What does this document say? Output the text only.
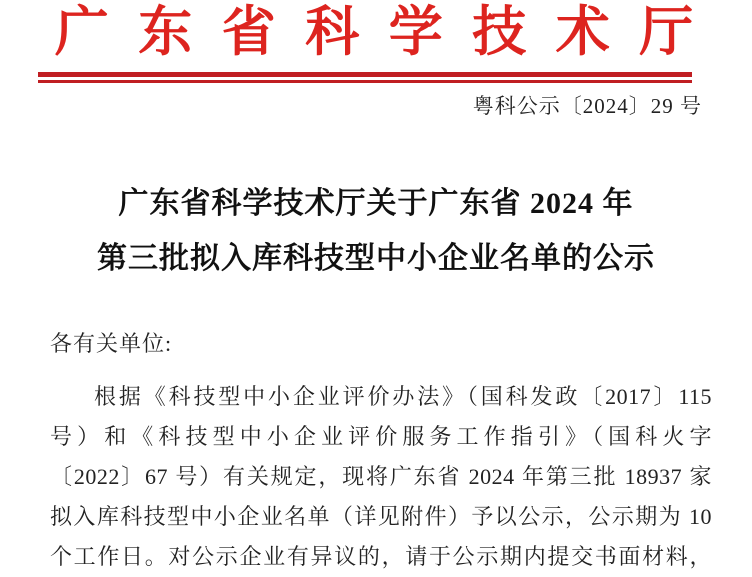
广 东 省 科 学 技 术 厅
粤科公示〔2024〕29 号
广东省科学技术厅关于广东省 2024 年
第三批拟入库科技型中小企业名单的公示
各有关单位:
根据《科技型中小企业评价办法》（国科发政〔2017〕115
号）和《科技型中小企业评价服务工作指引》（国科火字
〔2022〕67 号）有关规定，现将广东省 2024 年第三批 18937 家
拟入库科技型中小企业名单（详见附件）予以公示，公示期为 10
个工作日。对公示企业有异议的，请于公示期内提交书面材料，
